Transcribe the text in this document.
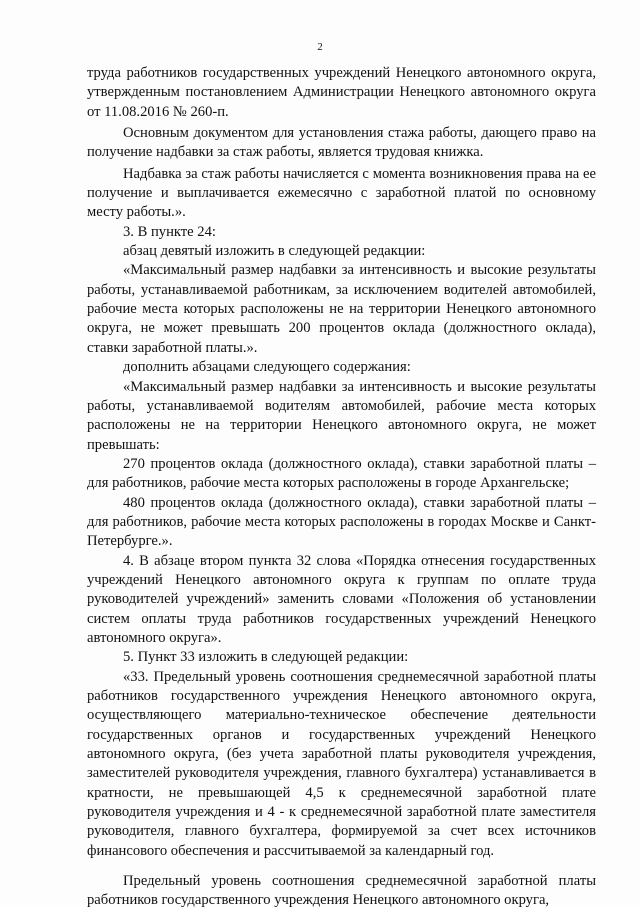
2

труда работников государственных учреждений Ненецкого автономного округа, утвержденным постановлением Администрации Ненецкого автономного округа от 11.08.2016 № 260-п.

Основным документом для установления стажа работы, дающего право на получение надбавки за стаж работы, является трудовая книжка.

Надбавка за стаж работы начисляется с момента возникновения права на ее получение и выплачивается ежемесячно с заработной платой по основному месту работы.».

3. В пункте 24:

абзац девятый изложить в следующей редакции:

«Максимальный размер надбавки за интенсивность и высокие результаты работы, устанавливаемой работникам, за исключением водителей автомобилей, рабочие места которых расположены не на территории Ненецкого автономного округа, не может превышать 200 процентов оклада (должностного оклада), ставки заработной платы.».

дополнить абзацами следующего содержания:

«Максимальный размер надбавки за интенсивность и высокие результаты работы, устанавливаемой водителям автомобилей, рабочие места которых расположены не на территории Ненецкого автономного округа, не может превышать:

270 процентов оклада (должностного оклада), ставки заработной платы – для работников, рабочие места которых расположены в городе Архангельске;

480 процентов оклада (должностного оклада), ставки заработной платы – для работников, рабочие места которых расположены в городах Москве и Санкт-Петербурге.».

4. В абзаце втором пункта 32 слова «Порядка отнесения государственных учреждений Ненецкого автономного округа к группам по оплате труда руководителей учреждений» заменить словами «Положения об установлении систем оплаты труда работников государственных учреждений Ненецкого автономного округа».

5. Пункт 33 изложить в следующей редакции:

«33. Предельный уровень соотношения среднемесячной заработной платы работников государственного учреждения Ненецкого автономного округа, осуществляющего материально-техническое обеспечение деятельности государственных органов и государственных учреждений Ненецкого автономного округа, (без учета заработной платы руководителя учреждения, заместителей руководителя учреждения, главного бухгалтера) устанавливается в кратности, не превышающей 4,5 к среднемесячной заработной плате руководителя учреждения и 4 - к среднемесячной заработной плате заместителя руководителя, главного бухгалтера, формируемой за счет всех источников финансового обеспечения и рассчитываемой за календарный год.

Предельный уровень соотношения среднемесячной заработной платы работников государственного учреждения Ненецкого автономного округа,
